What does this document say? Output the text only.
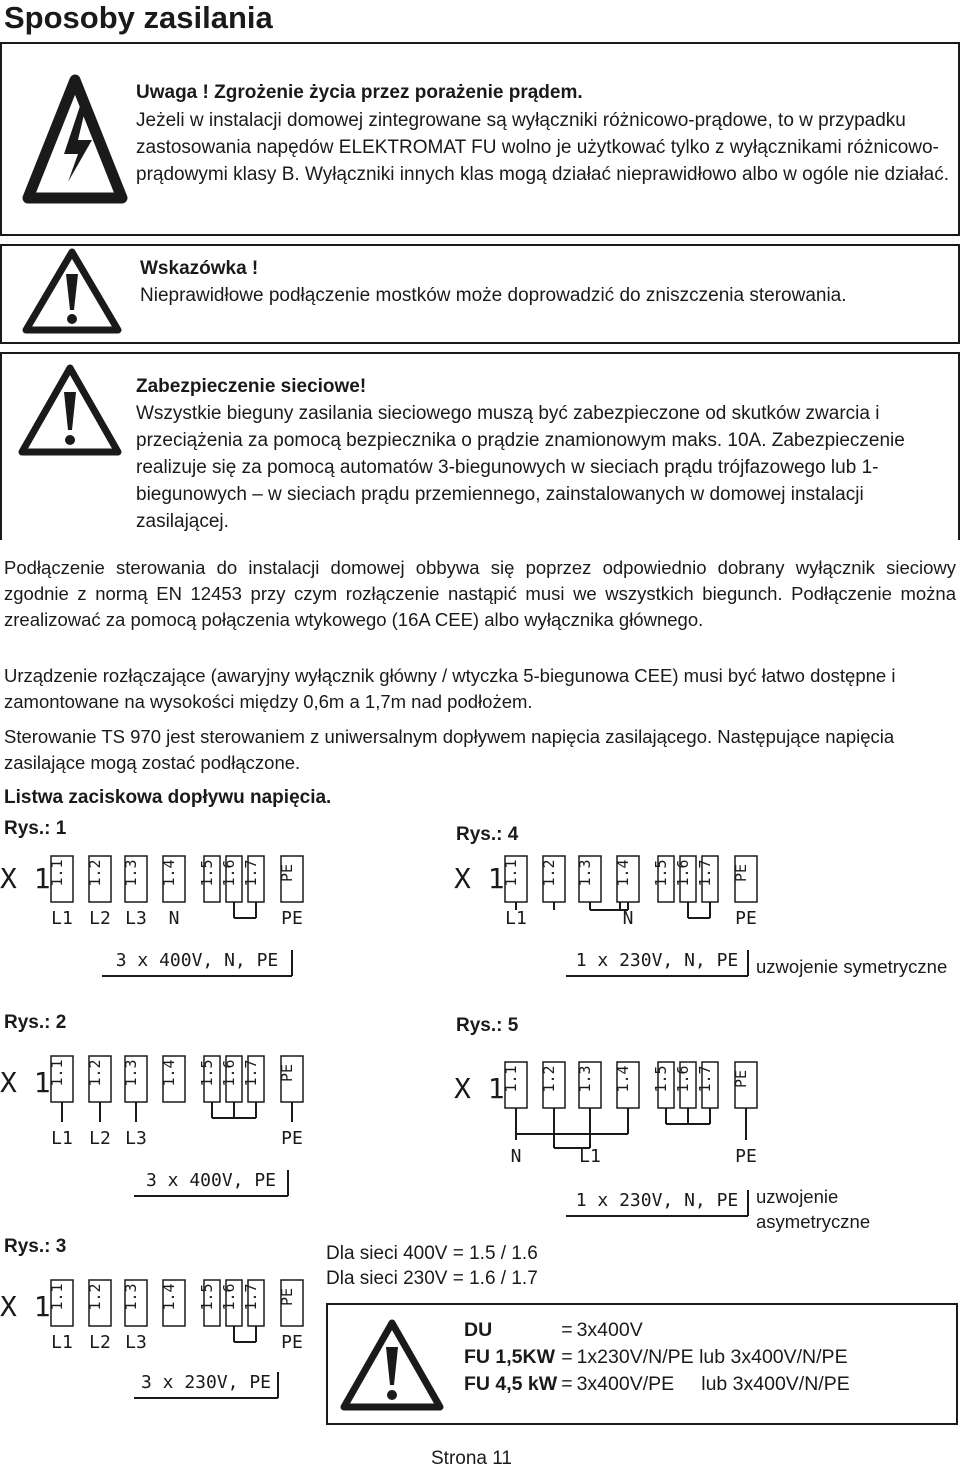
Sposoby zasilania
Uwaga ! Zgrożenie życia przez porażenie prądem.
Jeżeli w instalacji domowej zintegrowane są wyłączniki różnicowo-prądowe, to w przypadku zastosowania napędów ELEKTROMAT FU wolno je użytkować tylko z wyłącznikami różnicowo-prądowymi klasy B. Wyłączniki innych klas mogą działać nieprawidłowo albo w ogóle nie działać.
Wskazówka !
Nieprawidłowe podłączenie mostków może doprowadzić do zniszczenia sterowania.
Zabezpieczenie sieciowe!
Wszystkie bieguny zasilania sieciowego muszą być zabezpieczone od skutków zwarcia i przeciążenia za pomocą bezpiecznika o prądzie znamionowym maks. 10A. Zabezpieczenie realizuje się za pomocą automatów 3-biegunowych w sieciach prądu trójfazowego lub 1-biegunowych – w sieciach prądu przemiennego, zainstalowanych w domowej instalacji zasilającej.
Podłączenie sterowania do instalacji domowej obbywa się poprzez odpowiednio dobrany wyłącznik sieciowy zgodnie z normą EN 12453 przy czym rozłączenie nastąpić musi we wszystkich biegunch. Podłączenie można zrealizować za pomocą połączenia wtykowego (16A CEE) albo wyłącznika głównego.
Urządzenie rozłączające (awaryjny wyłącznik główny / wtyczka 5-biegunowa CEE) musi być łatwo dostępne i zamontowane na wysokości między 0,6m a 1,7m nad podłożem.
Sterowanie TS 970 jest sterowaniem z uniwersalnym dopływem napięcia zasilającego. Następujące napięcia zasilające mogą zostać podłączone.
Listwa zaciskowa dopływu napięcia.
Rys.: 1	Rys.: 4
Rys.: 2	Rys.: 5
Rys.: 3
X 1
1.1 1.2 1.3 1.4 1.5 1.6 1.7 PE
L1 L2 L3 N	PE
3 x 400V, N, PE
X 1
1.1 1.2 1.3 1.4 1.5 1.6 1.7 PE
L1 L2 L3	PE
3 x 400V, PE
X 1
1.1 1.2 1.3 1.4 1.5 1.6 1.7 PE
L1 L2 L3	PE
3 x 230V, PE
X 1
1.1 1.2 1.3 1.4 1.5 1.6 1.7 PE
L1	N	PE
1 x 230V, N, PE
X 1
1.1 1.2 1.3 1.4 1.5 1.6 1.7 PE
N	L1	PE
1 x 230V, N, PE
uzwojenie symetryczne
uzwojenie asymetryczne
Dla sieci 400V = 1.5 / 1.6
Dla sieci 230V = 1.6 / 1.7
DU	=	3x400V
FU 1,5KW	=	1x230V/N/PE lub 3x400V/N/PE
FU 4,5 kW	=	3x400V/PE     lub 3x400V/N/PE
Strona 11
